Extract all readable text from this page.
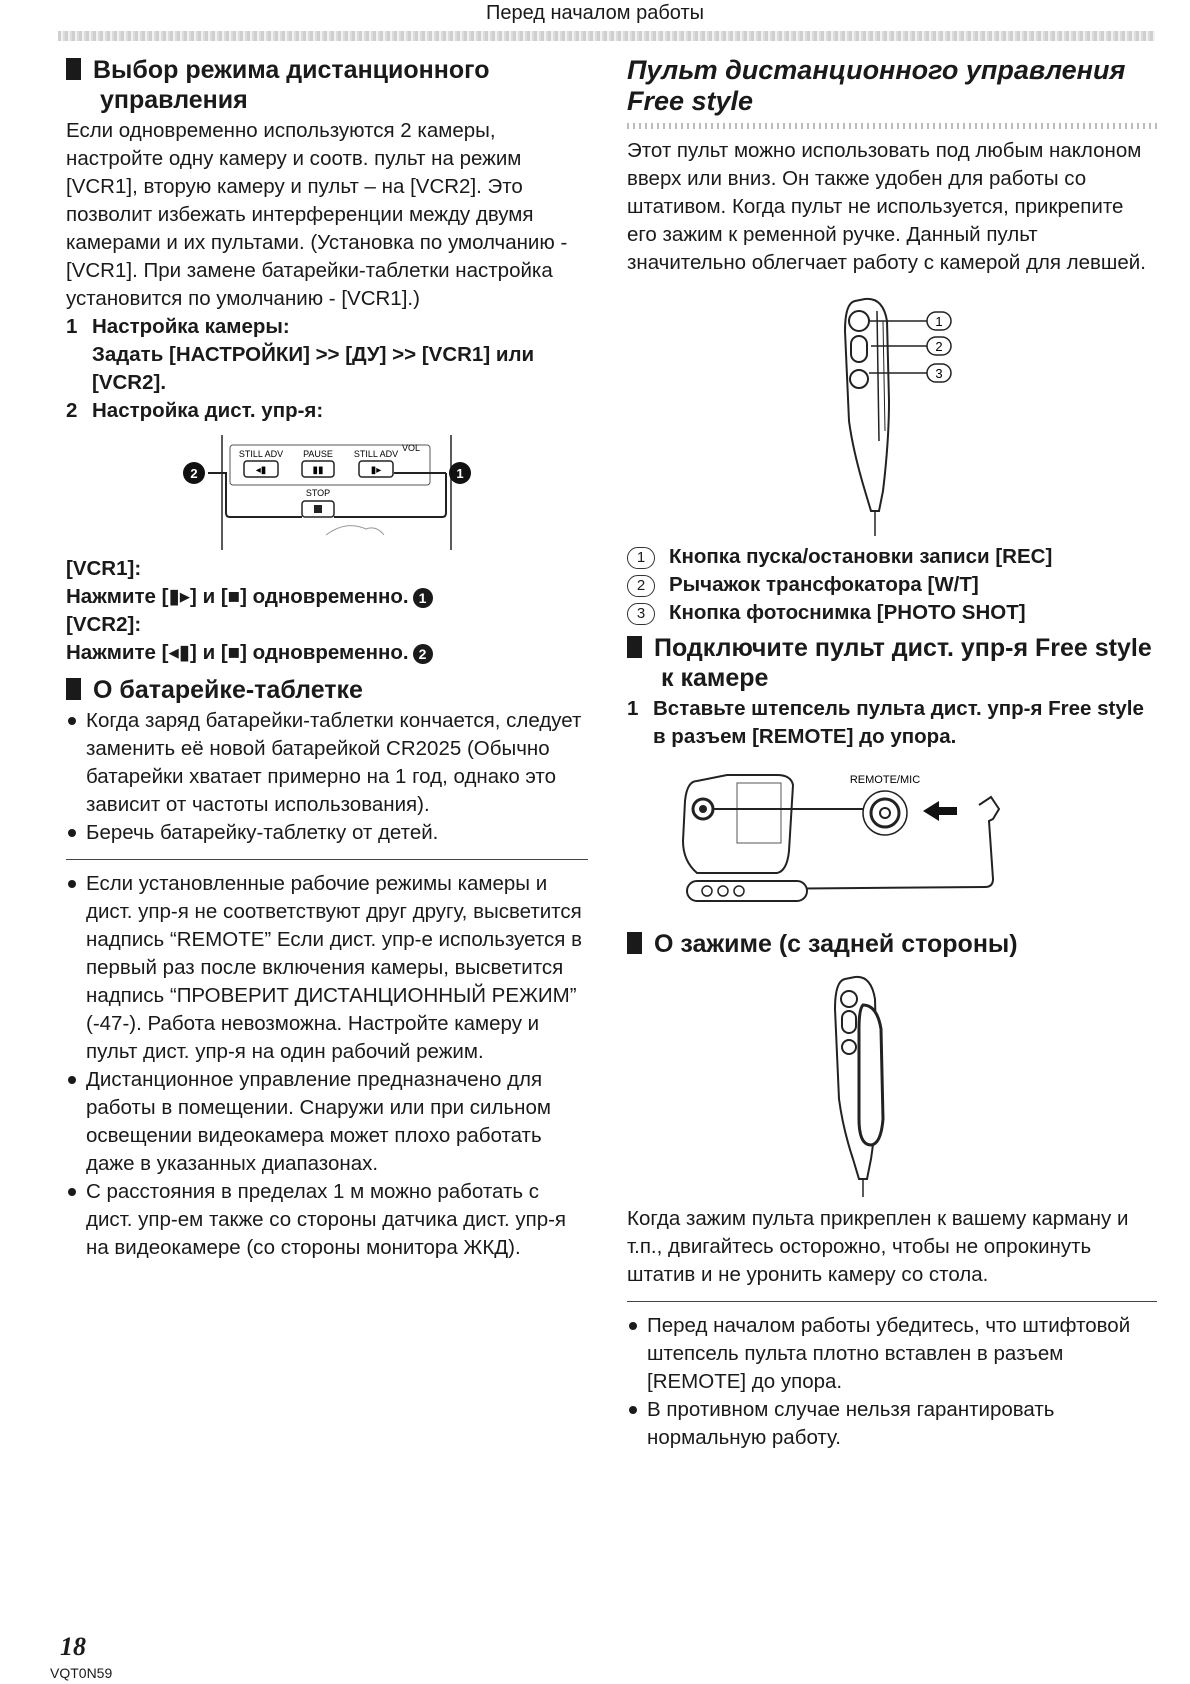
Перед началом работы
Выбор режима дистанционного управления

Если одновременно используются 2 камеры, настройте одну камеру и соотв. пульт на режим [VCR1], вторую камеру и пульт – на [VCR2]. Это позволит избежать интерференции между двумя камерами и их пультами. (Установка по умолчанию - [VCR1]. При замене батарейки-таблетки настройка установится по умолчанию - [VCR1].)

1 Настройка камеры:
Задать [НАСТРОЙКИ] >> [ДУ] >> [VCR1] или [VCR2].
2 Настройка дист. упр-я:
STILL ADV PAUSE STILL ADV
VOL
◂▮	▮▮	▮▸
STOP
2	1
[VCR1]:
Нажмите [▮▸] и [■] одновременно. 1
[VCR2]:
Нажмите [◂▮] и [■] одновременно. 2
О батарейке-таблетке
Когда заряд батарейки-таблетки кончается, следует заменить её новой батарейкой CR2025 (Обычно батарейки хватает примерно на 1 год, однако это зависит от частоты использования).
Беречь батарейку-таблетку от детей.
Если установленные рабочие режимы камеры и дист. упр-я не соответствуют друг другу, высветится надпись “REMOTE” Если дист. упр-е используется в первый раз после включения камеры, высветится надпись “ПРОВЕРИТ ДИСТАНЦИОННЫЙ РЕЖИМ” (-47-). Работа невозможна. Настройте камеру и пульт дист. упр-я на один рабочий режим.
Дистанционное управление предназначено для работы в помещении. Снаружи или при сильном освещении видеокамера может плохо работать даже в указанных диапазонах.
С расстояния в пределах 1 м можно работать с дист. упр-ем также со стороны датчика дист. упр-я на видеокамере (со стороны монитора ЖКД).
Пульт дистанционного управления Free style

Этот пульт можно использовать под любым наклоном вверх или вниз. Он также удобен для работы со штативом. Когда пульт не используется, прикрепите его зажим к ременной ручке. Данный пульт значительно облегчает работу с камерой для левшей.

1
2
3
1 Кнопка пуска/остановки записи [REC]
2 Рычажок трансфокатора [W/T]
3 Кнопка фотоснимка [PHOTO SHOT]
Подключите пульт дист. упр-я Free style к камере
1 Вставьте штепсель пульта дист. упр-я Free style в разъем [REMOTE] до упора.
REMOTE/MIC
О зажиме (с задней стороны)

Когда зажим пульта прикреплен к вашему карману и т.п., двигайтесь осторожно, чтобы не опрокинуть штатив и не уронить камеру со стола.

Перед началом работы убедитесь, что штифтовой штепсель пульта плотно вставлен в разъем [REMOTE] до упора.
В противном случае нельзя гарантировать нормальную работу.
18
VQT0N59
